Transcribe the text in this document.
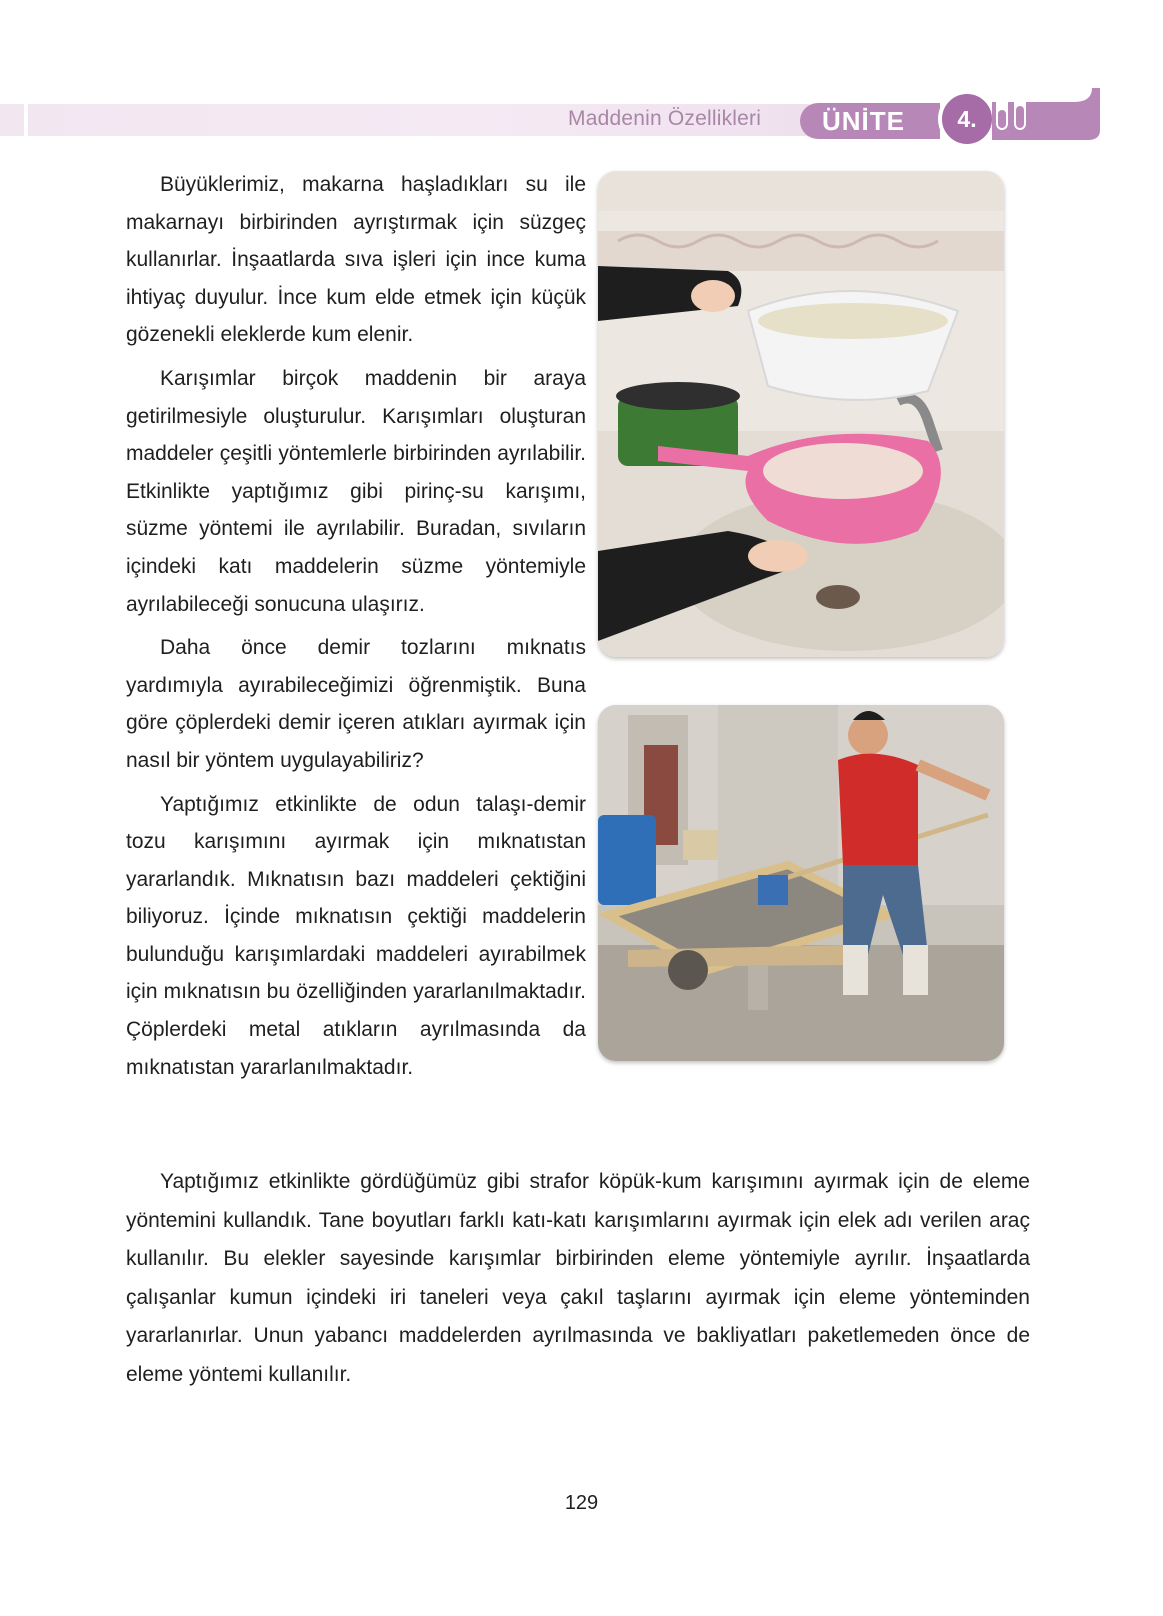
Maddenin Özellikleri	ÜNİTE	4.

Büyüklerimiz, makarna haşladıkları su ile makarnayı birbirinden ayrıştırmak için süzgeç kullanırlar. İnşaatlarda sıva işleri için ince kuma ihtiyaç duyulur. İnce kum elde etmek için küçük gözenekli eleklerde kum elenir.

Karışımlar birçok maddenin bir araya getirilmesiyle oluşturulur. Karışımları oluşturan maddeler çeşitli yöntemlerle birbirinden ayrılabilir. Etkinlikte yaptığımız gibi pirinç-su karışımı, süzme yöntemi ile ayrılabilir. Buradan, sıvıların içindeki katı maddelerin süzme yöntemiyle ayrılabileceği sonucuna ulaşırız.

Daha önce demir tozlarını mıknatıs yardımıyla ayırabileceğimizi öğrenmiştik. Buna göre çöplerdeki demir içeren atıkları ayırmak için nasıl bir yöntem uygulayabiliriz?

Yaptığımız etkinlikte de odun talaşı-demir tozu karışımını ayırmak için mıknatıstan yararlandık. Mıknatısın bazı maddeleri çektiğini biliyoruz. İçinde mıknatısın çektiği maddelerin bulunduğu karışımlardaki maddeleri ayırabilmek için mıknatısın bu özelliğinden yararlanılmaktadır. Çöplerdeki metal atıkların ayrılmasında da mıknatıstan yararlanılmaktadır.

Yaptığımız etkinlikte gördüğümüz gibi strafor köpük-kum karışımını ayırmak için de eleme yöntemini kullandık. Tane boyutları farklı katı-katı karışımlarını ayırmak için elek adı verilen araç kullanılır. Bu elekler sayesinde karışımlar birbirinden eleme yöntemiyle ayrılır. İnşaatlarda çalışanlar kumun içindeki iri taneleri veya çakıl taşlarını ayırmak için eleme yönteminden yararlanırlar. Unun yabancı maddelerden ayrılmasında ve bakliyatları paketlemeden önce de eleme yöntemi kullanılır.

129
